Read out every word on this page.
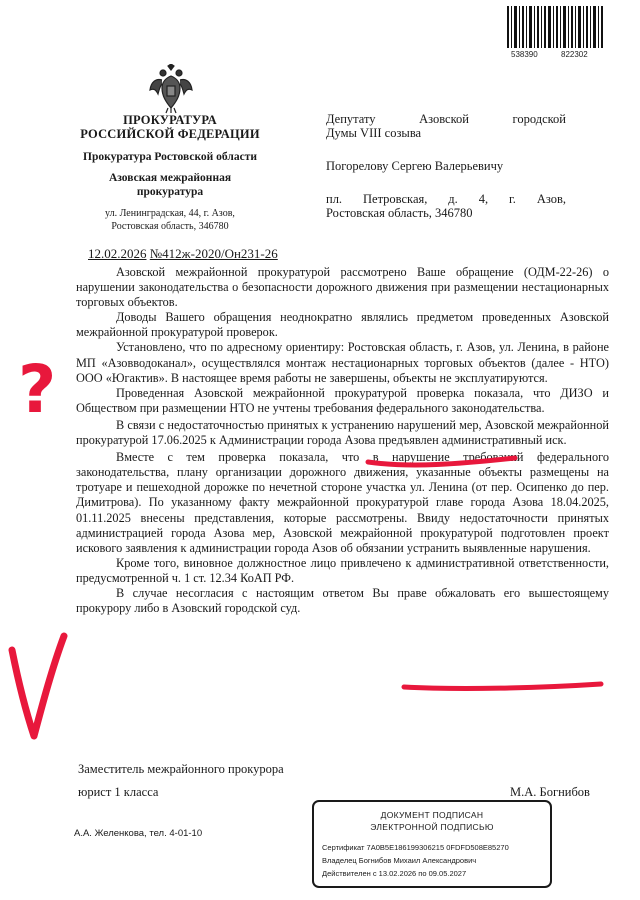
538390	822302
ПРОКУРАТУРА
РОССИЙСКОЙ ФЕДЕРАЦИИ
Прокуратура Ростовской области
Азовская межрайонная
прокуратура
ул. Ленинградская, 44, г. Азов,
Ростовская область, 346780

Депутату Азовской городской

Думы VIII созыва

Погорелову Сергею Валерьевичу

пл. Петровская, д. 4, г. Азов,

Ростовская область, 346780

12.02.2026 №412ж-2020/Он231-26

Азовской межрайонной прокуратурой рассмотрено Ваше обращение (ОДМ-22-26) о нарушении законодательства о безопасности дорожного движения при размещении нестационарных торговых объектов.

Доводы Вашего обращения неоднократно являлись предметом проведенных Азовской межрайонной прокуратурой проверок.

Установлено, что по адресному ориентиру: Ростовская область, г. Азов, ул. Ленина, в районе МП «Азовводоканал», осуществлялся монтаж нестационарных торговых объектов (далее - НТО) ООО «Югактив». В настоящее время работы не завершены, объекты не эксплуатируются.

Проведенная Азовской межрайонной прокуратурой проверка показала, что ДИЗО и Обществом при размещении НТО не учтены требования федерального законодательства.

В связи с недостаточностью принятых к устранению нарушений мер, Азовской межрайонной прокуратурой 17.06.2025 к Администрации города Азова предъявлен административный иск.

Вместе с тем проверка показала, что в нарушение требований федерального законодательства, плану организации дорожного движения, указанные объекты размещены на тротуаре и пешеходной дорожке по нечетной стороне участка ул. Ленина (от пер. Осипенко до пер. Димитрова). По указанному факту межрайонной прокуратурой главе города Азова 18.04.2025, 01.11.2025 внесены представления, которые рассмотрены. Ввиду недостаточности принятых администрацией города Азова мер, Азовской межрайонной прокуратурой подготовлен проект искового заявления к администрации города Азов об обязании устранить выявленные нарушения.

Кроме того, виновное должностное лицо привлечено к административной ответственности, предусмотренной ч. 1 ст. 12.34 КоАП РФ.

В случае несогласия с настоящим ответом Вы праве обжаловать его вышестоящему прокурору либо в Азовский городской суд.

Заместитель межрайонного прокурора
юрист 1 класса	М.А. Богнибов
А.А. Желенкова, тел. 4-01-10
ДОКУМЕНТ ПОДПИСАН
ЭЛЕКТРОННОЙ ПОДПИСЬЮ
Сертификат 7A0B5E186199306215 0FDFD508E85270
Владелец Богнибов Михаил Александрович
Действителен с 13.02.2026 по 09.05.2027
?
